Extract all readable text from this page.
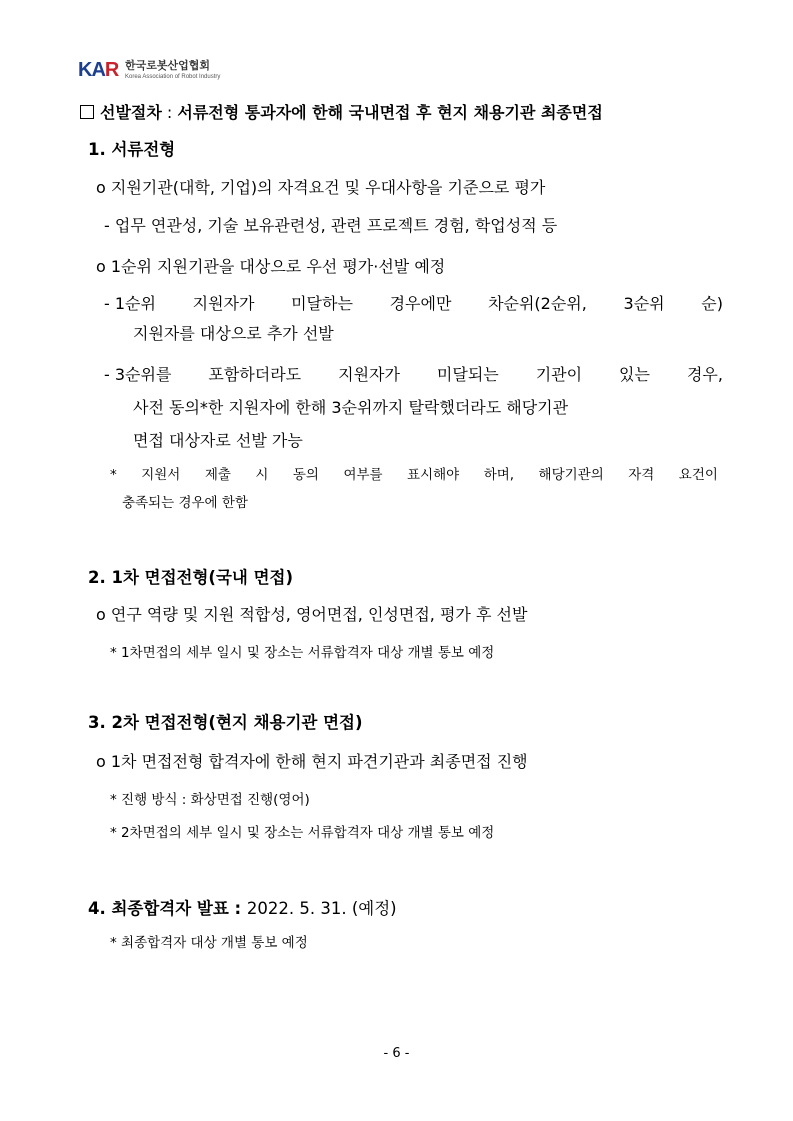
KAR 한국로봇산업협회
Korea Association of Robot Industry
선발절차 : 서류전형 통과자에 한해 국내면접 후 현지 채용기관 최종면접
1. 서류전형
o 지원기관(대학, 기업)의 자격요건 및 우대사항을 기준으로 평가
- 업무 연관성, 기술 보유관련성, 관련 프로젝트 경험, 학업성적 등
o 1순위 지원기관을 대상으로 우선 평가·선발 예정
- 1순위 지원자가 미달하는 경우에만 차순위(2순위, 3순위 순)
지원자를 대상으로 추가 선발
- 3순위를 포함하더라도 지원자가 미달되는 기관이 있는 경우,
사전 동의*한 지원자에 한해 3순위까지 탈락했더라도 해당기관
면접 대상자로 선발 가능
* 지원서 제출 시 동의 여부를 표시해야 하며, 해당기관의 자격 요건이
충족되는 경우에 한함
2. 1차 면접전형(국내 면접)
o 연구 역량 및 지원 적합성, 영어면접, 인성면접, 평가 후 선발
* 1차면접의 세부 일시 및 장소는 서류합격자 대상 개별 통보 예정
3. 2차 면접전형(현지 채용기관 면접)
o 1차 면접전형 합격자에 한해 현지 파견기관과 최종면접 진행
* 진행 방식 : 화상면접 진행(영어)
* 2차면접의 세부 일시 및 장소는 서류합격자 대상 개별 통보 예정
4. 최종합격자 발표 : 2022. 5. 31. (예정)
* 최종합격자 대상 개별 통보 예정
- 6 -
